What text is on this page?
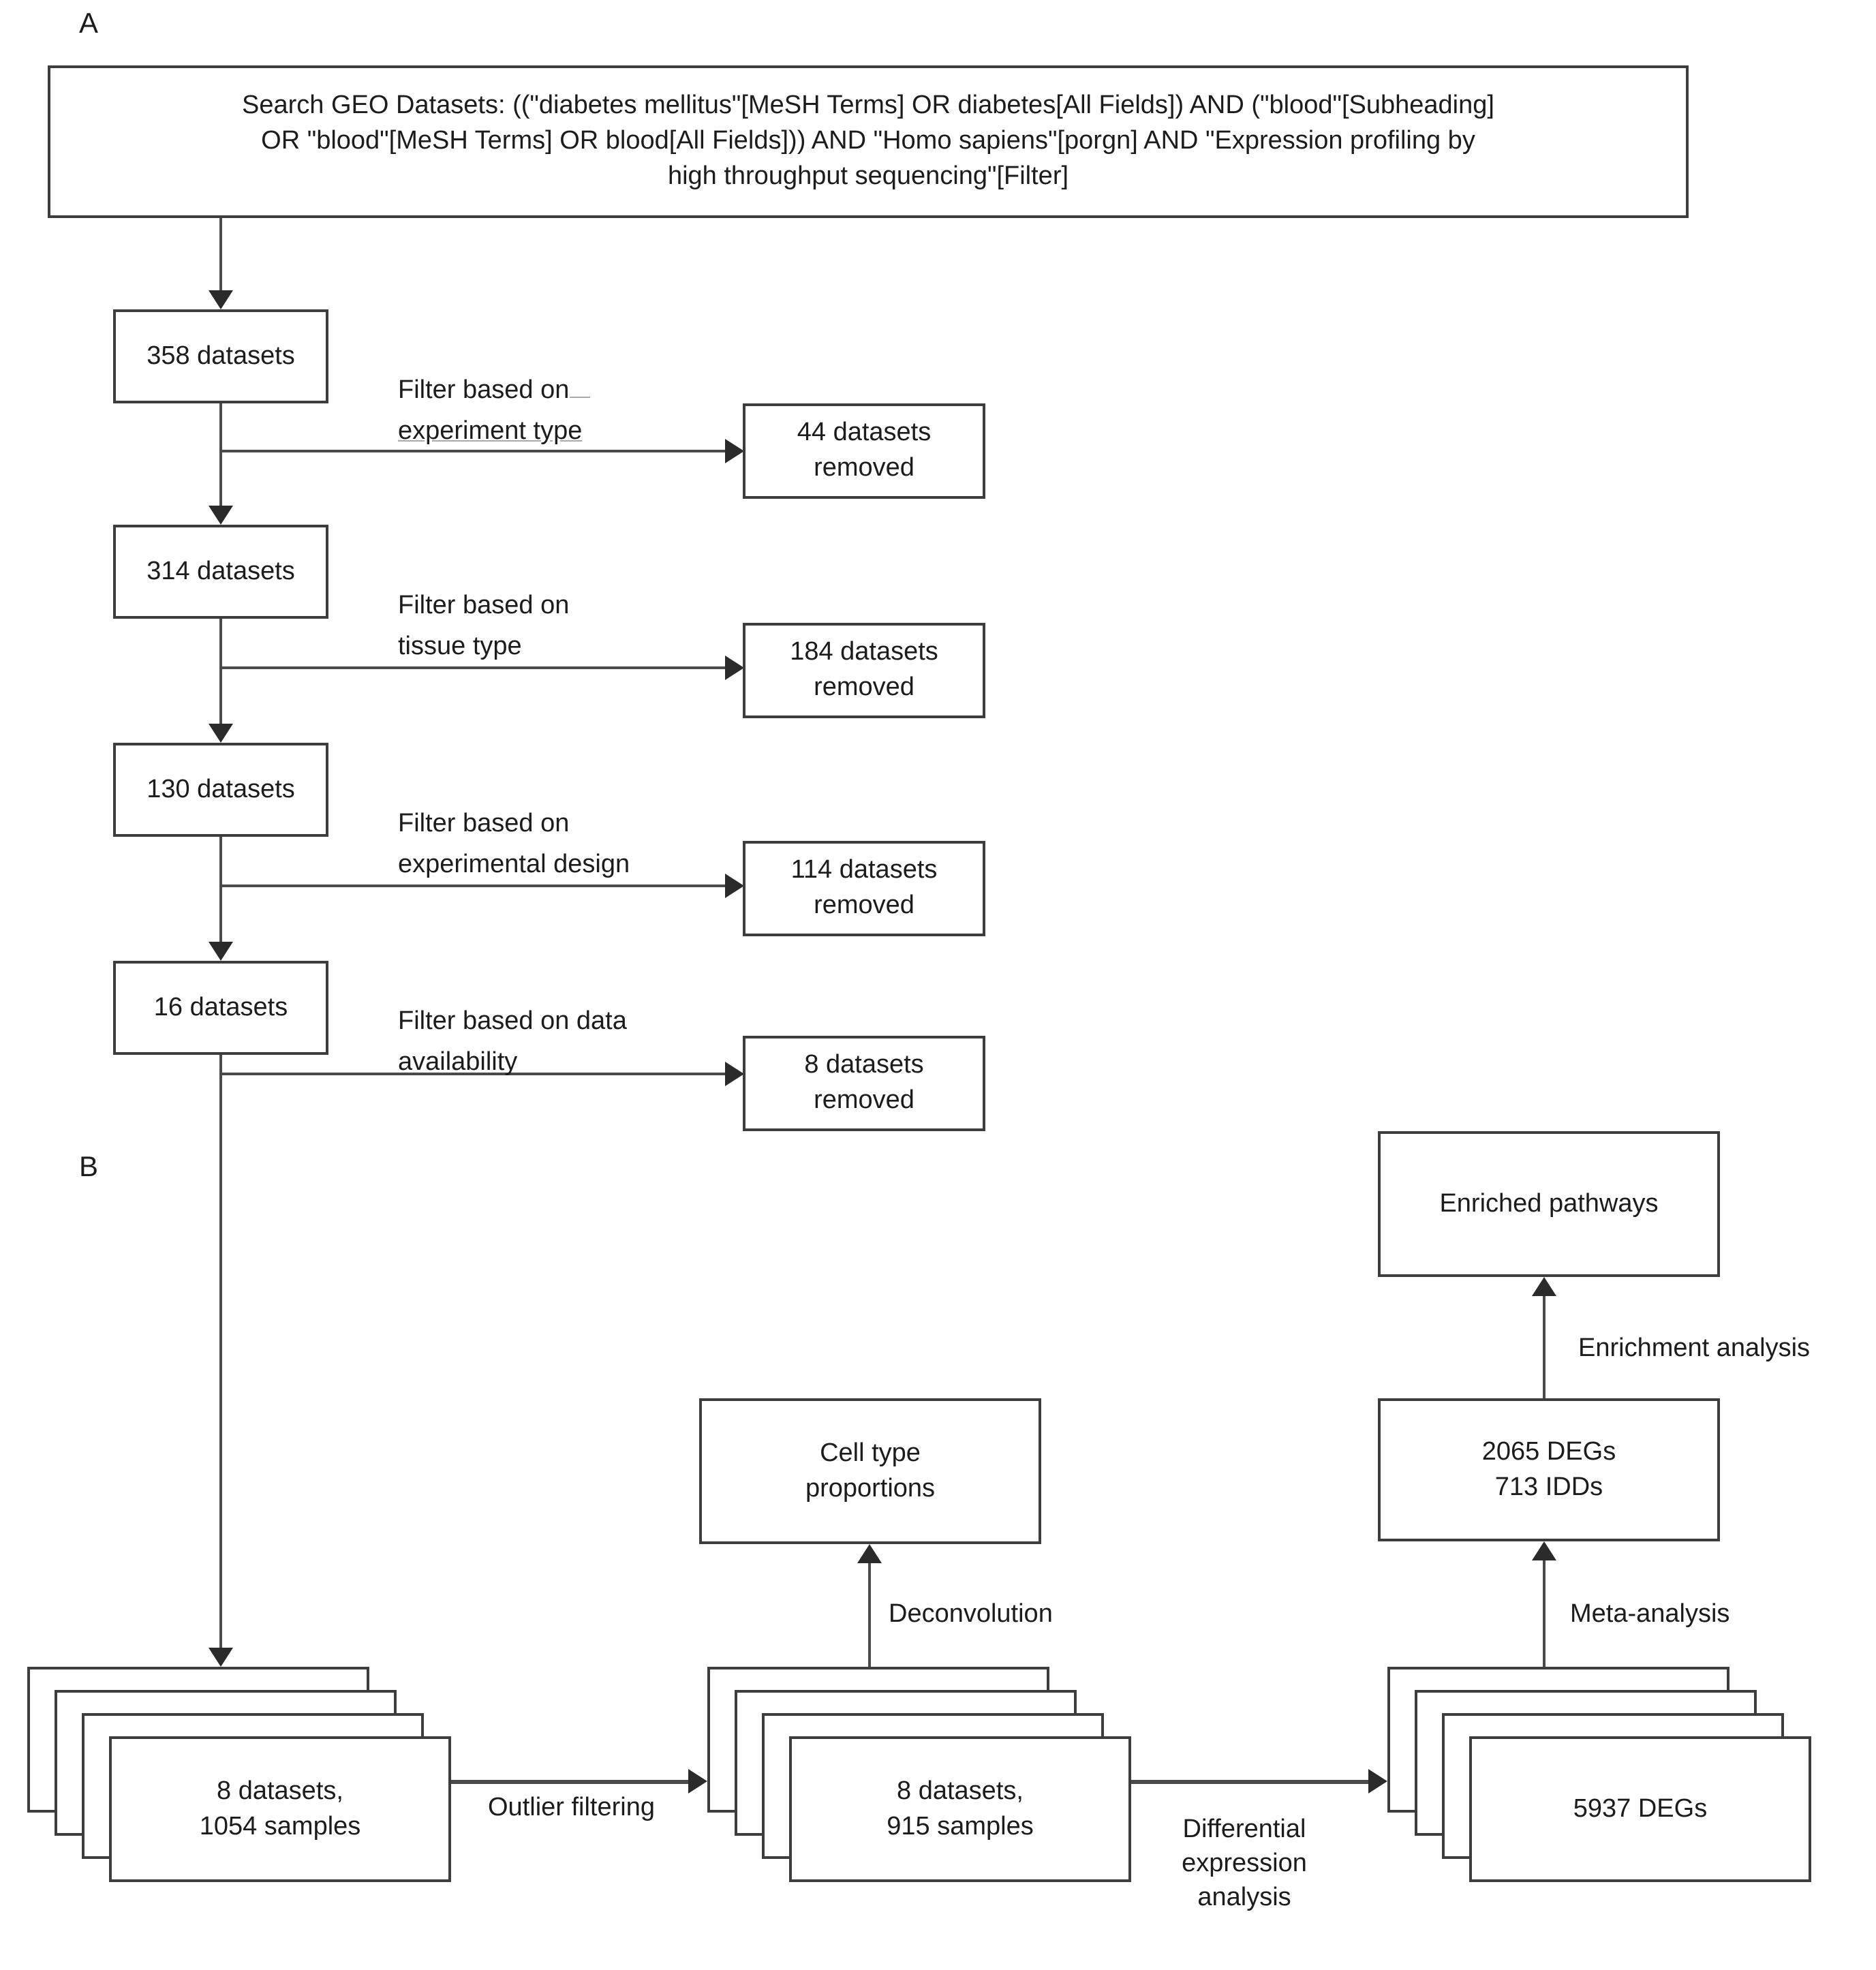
A
Search GEO Datasets: (("diabetes mellitus"[MeSH Terms] OR diabetes[All Fields]) AND ("blood"[Subheading]
OR "blood"[MeSH Terms] OR blood[All Fields])) AND "Homo sapiens"[porgn] AND "Expression profiling by
high throughput sequencing"[Filter]
358 datasets
Filter based on
experiment type	44 datasets
removed
314 datasets
Filter based on
tissue type	184 datasets
removed
130 datasets
Filter based on
experimental design	114 datasets
removed
16 datasets	Filter based on data
availability	8 datasets
removed
B
Enriched pathways
Enrichment analysis
2065 DEGs
713 IDDs
Meta-analysis
Cell type
proportions
Deconvolution
8 datasets,
1054 samples
Outlier filtering
8 datasets,
915 samples	Differential
expression
analysis
5937 DEGs
